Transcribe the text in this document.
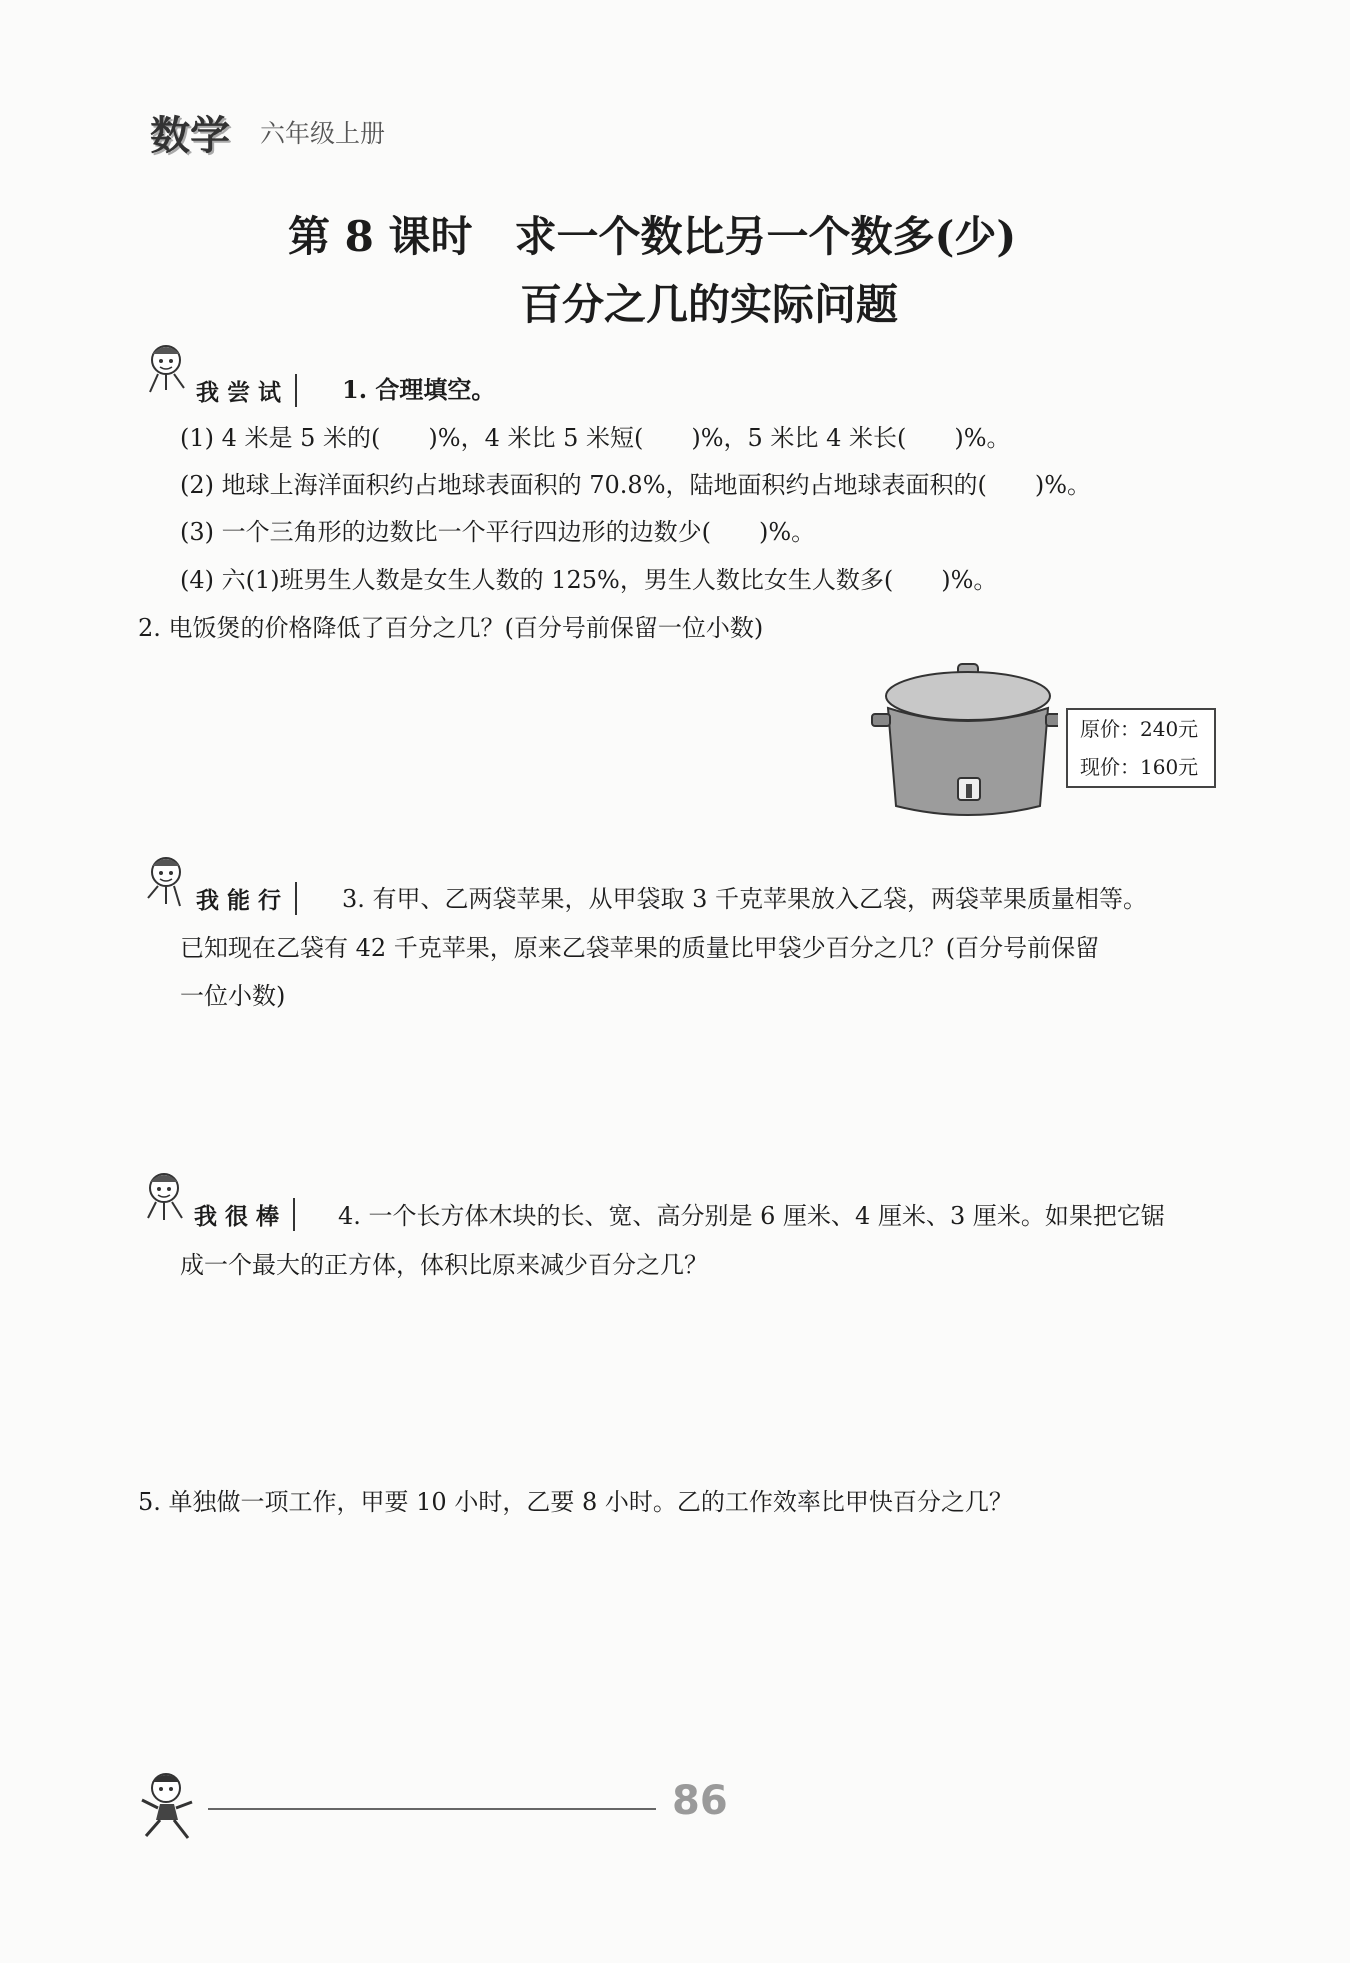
数学 六年级上册
第 8 课时　求一个数比另一个数多(少)
百分之几的实际问题
我尝试	1. 合理填空。
(1) 4 米是 5 米的(　　)%，4 米比 5 米短(　　)%，5 米比 4 米长(　　)%。
(2) 地球上海洋面积约占地球表面积的 70.8%，陆地面积约占地球表面积的(　　)%。
(3) 一个三角形的边数比一个平行四边形的边数少(　　)%。
(4) 六(1)班男生人数是女生人数的 125%，男生人数比女生人数多(　　)%。
2. 电饭煲的价格降低了百分之几？(百分号前保留一位小数)
原价：240元
现价：160元
我能行	3. 有甲、乙两袋苹果，从甲袋取 3 千克苹果放入乙袋，两袋苹果质量相等。
已知现在乙袋有 42 千克苹果，原来乙袋苹果的质量比甲袋少百分之几？(百分号前保留
一位小数)
我很棒	4. 一个长方体木块的长、宽、高分别是 6 厘米、4 厘米、3 厘米。如果把它锯
成一个最大的正方体，体积比原来减少百分之几？
5. 单独做一项工作，甲要 10 小时，乙要 8 小时。乙的工作效率比甲快百分之几？
86
